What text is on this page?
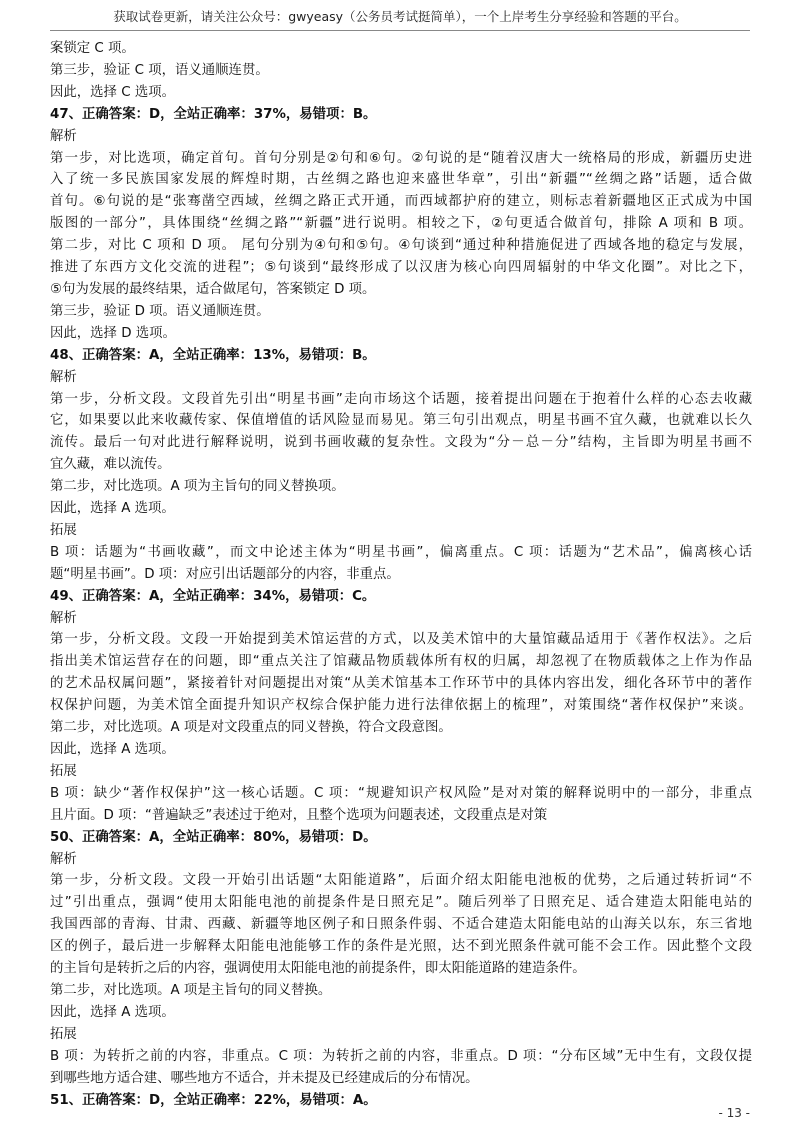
获取试卷更新，请关注公众号：gwyeasy（公务员考试挺简单），一个上岸考生分享经验和答题的平台。
案锁定 C 项。
第三步，验证 C 项，语义通顺连贯。
因此，选择 C 选项。
47、正确答案：D，全站正确率：37%，易错项：B。
解析
第一步，对比选项，确定首句。首句分别是②句和⑥句。②句说的是“随着汉唐大一统格局的形成，新疆历史进
入了统一多民族国家发展的辉煌时期，古丝绸之路也迎来盛世华章”，引出“新疆”“丝绸之路”话题，适合做
首句。⑥句说的是“张骞凿空西域，丝绸之路正式开通，而西域都护府的建立，则标志着新疆地区正式成为中国
版图的一部分”，具体围绕“丝绸之路”“新疆”进行说明。相较之下，②句更适合做首句，排除 A 项和 B 项。
第二步，对比 C 项和 D 项。 尾句分别为④句和⑤句。④句谈到“通过种种措施促进了西域各地的稳定与发展，
推进了东西方文化交流的进程”；⑤句谈到“最终形成了以汉唐为核心向四周辐射的中华文化圈”。对比之下，
⑤句为发展的最终结果，适合做尾句，答案锁定 D 项。
第三步，验证 D 项。语义通顺连贯。
因此，选择 D 选项。
48、正确答案：A，全站正确率：13%，易错项：B。
解析
第一步，分析文段。文段首先引出“明星书画”走向市场这个话题，接着提出问题在于抱着什么样的心态去收藏
它，如果要以此来收藏传家、保值增值的话风险显而易见。第三句引出观点，明星书画不宜久藏，也就难以长久
流传。最后一句对此进行解释说明，说到书画收藏的复杂性。文段为“分－总－分”结构，主旨即为明星书画不
宜久藏，难以流传。
第二步，对比选项。A 项为主旨句的同义替换项。
因此，选择 A 选项。
拓展
B 项：话题为“书画收藏”，而文中论述主体为“明星书画”，偏离重点。C 项：话题为“艺术品”，偏离核心话
题“明星书画”。D 项：对应引出话题部分的内容，非重点。
49、正确答案：A，全站正确率：34%，易错项：C。
解析
第一步，分析文段。文段一开始提到美术馆运营的方式，以及美术馆中的大量馆藏品适用于《著作权法》。之后
指出美术馆运营存在的问题，即“重点关注了馆藏品物质载体所有权的归属，却忽视了在物质载体之上作为作品
的艺术品权属问题”，紧接着针对问题提出对策“从美术馆基本工作环节中的具体内容出发，细化各环节中的著作
权保护问题，为美术馆全面提升知识产权综合保护能力进行法律依据上的梳理”，对策围绕“著作权保护”来谈。
第二步，对比选项。A 项是对文段重点的同义替换，符合文段意图。
因此，选择 A 选项。
拓展
B 项：缺少“著作权保护”这一核心话题。C 项：“规避知识产权风险”是对对策的解释说明中的一部分，非重点
且片面。D 项：“普遍缺乏”表述过于绝对，且整个选项为问题表述，文段重点是对策
50、正确答案：A，全站正确率：80%，易错项：D。
解析
第一步，分析文段。文段一开始引出话题“太阳能道路”，后面介绍太阳能电池板的优势，之后通过转折词“不
过”引出重点，强调“使用太阳能电池的前提条件是日照充足”。随后列举了日照充足、适合建造太阳能电站的
我国西部的青海、甘肃、西藏、新疆等地区例子和日照条件弱、不适合建造太阳能电站的山海关以东，东三省地
区的例子，最后进一步解释太阳能电池能够工作的条件是光照，达不到光照条件就可能不会工作。因此整个文段
的主旨句是转折之后的内容，强调使用太阳能电池的前提条件，即太阳能道路的建造条件。
第二步，对比选项。A 项是主旨句的同义替换。
因此，选择 A 选项。
拓展
B 项：为转折之前的内容，非重点。C 项：为转折之前的内容，非重点。D 项：“分布区域”无中生有，文段仅提
到哪些地方适合建、哪些地方不适合，并未提及已经建成后的分布情况。
51、正确答案：D，全站正确率：22%，易错项：A。
- 13 -
